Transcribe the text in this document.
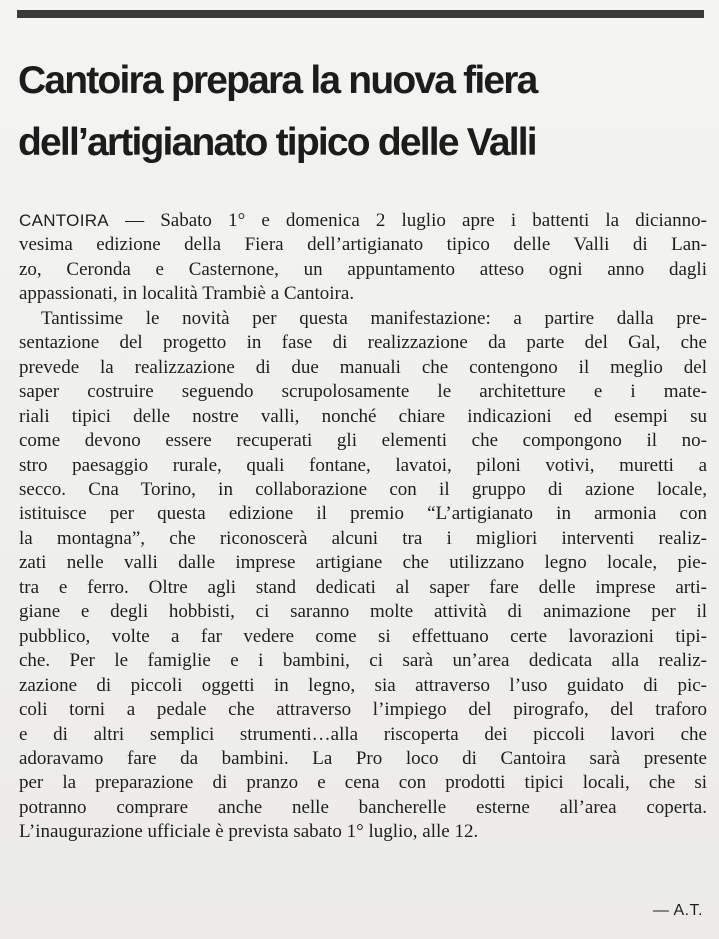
Cantoira prepara la nuova fiera
dell’artigianato tipico delle Valli
CANTOIRA — Sabato 1° e domenica 2 luglio apre i battenti la dicianno-
vesima edizione della Fiera dell’artigianato tipico delle Valli di Lan-
zo, Ceronda e Casternone, un appuntamento atteso ogni anno dagli
appassionati, in località Trambiè a Cantoira.
Tantissime le novità per questa manifestazione: a partire dalla pre-
sentazione del progetto in fase di realizzazione da parte del Gal, che
prevede la realizzazione di due manuali che contengono il meglio del
saper costruire seguendo scrupolosamente le architetture e i mate-
riali tipici delle nostre valli, nonché chiare indicazioni ed esempi su
come devono essere recuperati gli elementi che compongono il no-
stro paesaggio rurale, quali fontane, lavatoi, piloni votivi, muretti a
secco. Cna Torino, in collaborazione con il gruppo di azione locale,
istituisce per questa edizione il premio “L’artigianato in armonia con
la montagna”, che riconoscerà alcuni tra i migliori interventi realiz-
zati nelle valli dalle imprese artigiane che utilizzano legno locale, pie-
tra e ferro. Oltre agli stand dedicati al saper fare delle imprese arti-
giane e degli hobbisti, ci saranno molte attività di animazione per il
pubblico, volte a far vedere come si effettuano certe lavorazioni tipi-
che. Per le famiglie e i bambini, ci sarà un’area dedicata alla realiz-
zazione di piccoli oggetti in legno, sia attraverso l’uso guidato di pic-
coli torni a pedale che attraverso l’impiego del pirografo, del traforo
e di altri semplici strumenti…alla riscoperta dei piccoli lavori che
adoravamo fare da bambini. La Pro loco di Cantoira sarà presente
per la preparazione di pranzo e cena con prodotti tipici locali, che si
potranno comprare anche nelle bancherelle esterne all’area coperta.
L’inaugurazione ufficiale è prevista sabato 1° luglio, alle 12.
— A.T.
